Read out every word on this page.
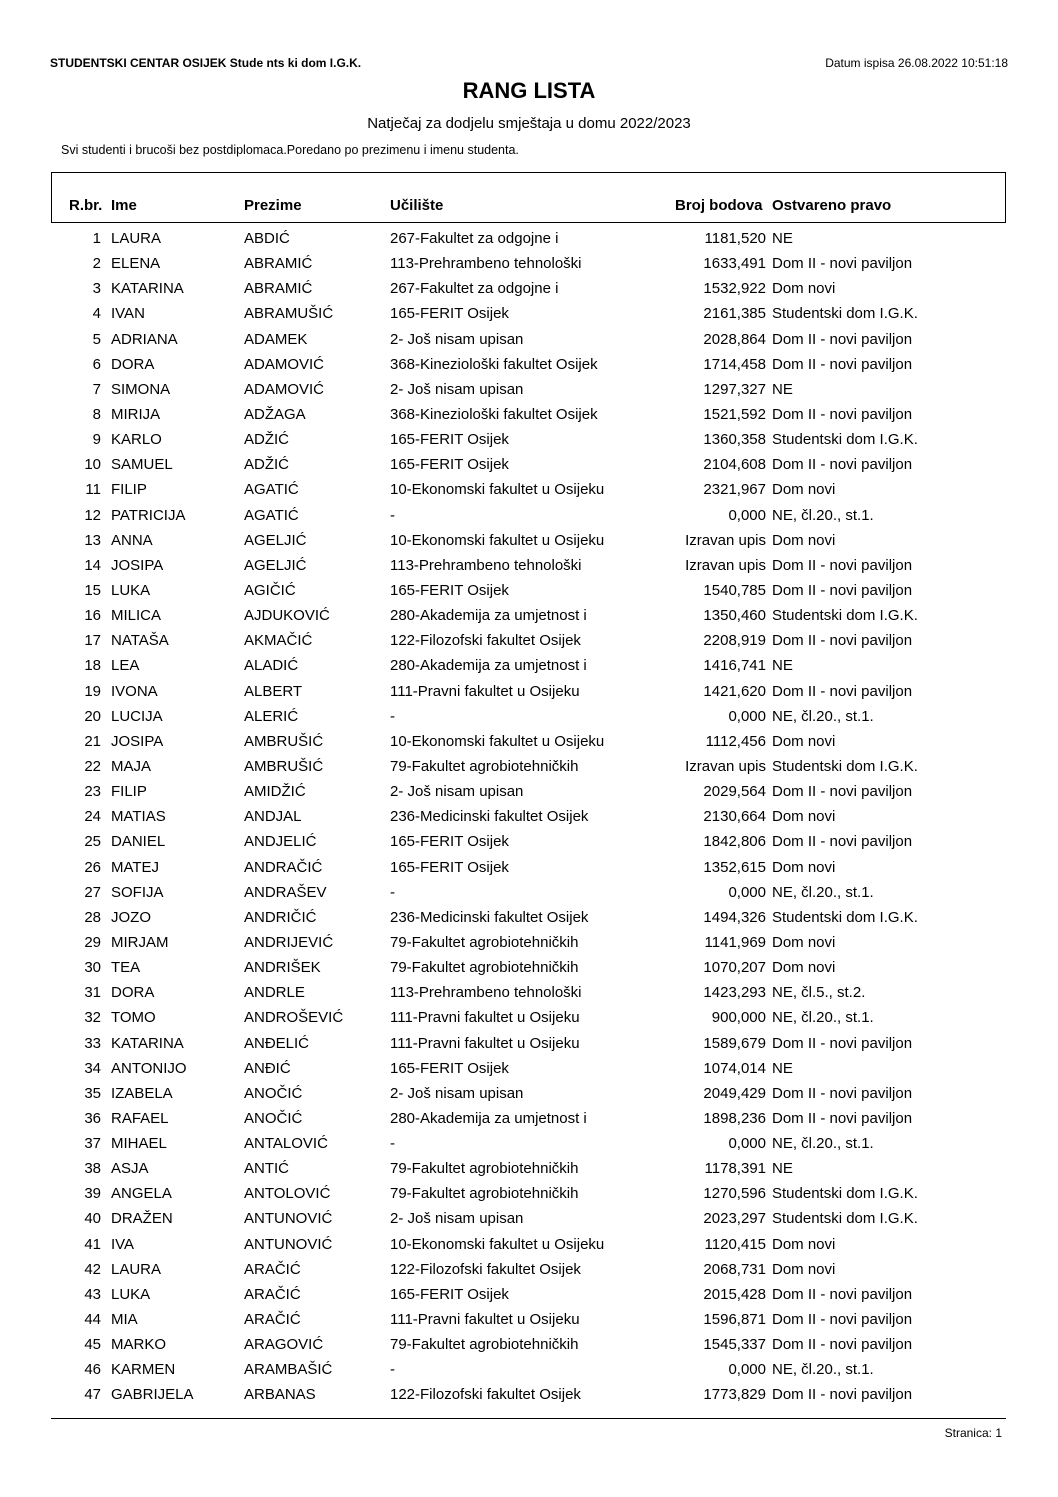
STUDENTSKI CENTAR OSIJEK Stude nts ki dom I.G.K.	Datum ispisa 26.08.2022 10:51:18
RANG LISTA
Natječaj za dodjelu smještaja u domu 2022/2023
Svi studenti i brucoši bez postdiplomaca.Poredano po prezimenu i imenu studenta.
R.br. Ime	Prezime	Učilište	Broj bodova Ostvareno pravo
1 LAURA	ABDIĆ	267-Fakultet za odgojne i	1181,520 NE
2 ELENA	ABRAMIĆ	113-Prehrambeno tehnološki	1633,491 Dom II - novi paviljon
3 KATARINA	ABRAMIĆ	267-Fakultet za odgojne i	1532,922 Dom novi
4 IVAN	ABRAMUŠIĆ	165-FERIT Osijek	2161,385 Studentski dom I.G.K.
5 ADRIANA	ADAMEK	2- Još nisam upisan	2028,864 Dom II - novi paviljon
6 DORA	ADAMOVIĆ	368-Kineziološki fakultet Osijek	1714,458 Dom II - novi paviljon
7 SIMONA	ADAMOVIĆ	2- Još nisam upisan	1297,327 NE
8 MIRIJA	ADŽAGA	368-Kineziološki fakultet Osijek	1521,592 Dom II - novi paviljon
9 KARLO	ADŽIĆ	165-FERIT Osijek	1360,358 Studentski dom I.G.K.
10 SAMUEL	ADŽIĆ	165-FERIT Osijek	2104,608 Dom II - novi paviljon
11 FILIP	AGATIĆ	10-Ekonomski fakultet u Osijeku	2321,967 Dom novi
12 PATRICIJA	AGATIĆ	-	0,000 NE, čl.20., st.1.
13 ANNA	AGELJIĆ	10-Ekonomski fakultet u Osijeku	Izravan upis Dom novi
14 JOSIPA	AGELJIĆ	113-Prehrambeno tehnološki	Izravan upis Dom II - novi paviljon
15 LUKA	AGIČIĆ	165-FERIT Osijek	1540,785 Dom II - novi paviljon
16 MILICA	AJDUKOVIĆ	280-Akademija za umjetnost i	1350,460 Studentski dom I.G.K.
17 NATAŠA	AKMAČIĆ	122-Filozofski fakultet Osijek	2208,919 Dom II - novi paviljon
18 LEA	ALADIĆ	280-Akademija za umjetnost i	1416,741 NE
19 IVONA	ALBERT	111-Pravni fakultet u Osijeku	1421,620 Dom II - novi paviljon
20 LUCIJA	ALERIĆ	-	0,000 NE, čl.20., st.1.
21 JOSIPA	AMBRUŠIĆ	10-Ekonomski fakultet u Osijeku	1112,456 Dom novi
22 MAJA	AMBRUŠIĆ	79-Fakultet agrobiotehničkih	Izravan upis Studentski dom I.G.K.
23 FILIP	AMIDŽIĆ	2- Još nisam upisan	2029,564 Dom II - novi paviljon
24 MATIAS	ANDJAL	236-Medicinski fakultet Osijek	2130,664 Dom novi
25 DANIEL	ANDJELIĆ	165-FERIT Osijek	1842,806 Dom II - novi paviljon
26 MATEJ	ANDRAČIĆ	165-FERIT Osijek	1352,615 Dom novi
27 SOFIJA	ANDRAŠEV	-	0,000 NE, čl.20., st.1.
28 JOZO	ANDRIČIĆ	236-Medicinski fakultet Osijek	1494,326 Studentski dom I.G.K.
29 MIRJAM	ANDRIJEVIĆ	79-Fakultet agrobiotehničkih	1141,969 Dom novi
30 TEA	ANDRIŠEK	79-Fakultet agrobiotehničkih	1070,207 Dom novi
31 DORA	ANDRLE	113-Prehrambeno tehnološki	1423,293 NE, čl.5., st.2.
32 TOMO	ANDROŠEVIĆ	111-Pravni fakultet u Osijeku	900,000 NE, čl.20., st.1.
33 KATARINA	ANĐELIĆ	111-Pravni fakultet u Osijeku	1589,679 Dom II - novi paviljon
34 ANTONIJO	ANĐIĆ	165-FERIT Osijek	1074,014 NE
35 IZABELA	ANOČIĆ	2- Još nisam upisan	2049,429 Dom II - novi paviljon
36 RAFAEL	ANOČIĆ	280-Akademija za umjetnost i	1898,236 Dom II - novi paviljon
37 MIHAEL	ANTALOVIĆ	-	0,000 NE, čl.20., st.1.
38 ASJA	ANTIĆ	79-Fakultet agrobiotehničkih	1178,391 NE
39 ANGELA	ANTOLOVIĆ	79-Fakultet agrobiotehničkih	1270,596 Studentski dom I.G.K.
40 DRAŽEN	ANTUNOVIĆ	2- Još nisam upisan	2023,297 Studentski dom I.G.K.
41 IVA	ANTUNOVIĆ	10-Ekonomski fakultet u Osijeku	1120,415 Dom novi
42 LAURA	ARAČIĆ	122-Filozofski fakultet Osijek	2068,731 Dom novi
43 LUKA	ARAČIĆ	165-FERIT Osijek	2015,428 Dom II - novi paviljon
44 MIA	ARAČIĆ	111-Pravni fakultet u Osijeku	1596,871 Dom II - novi paviljon
45 MARKO	ARAGOVIĆ	79-Fakultet agrobiotehničkih	1545,337 Dom II - novi paviljon
46 KARMEN	ARAMBAŠIĆ	-	0,000 NE, čl.20., st.1.
47 GABRIJELA	ARBANAS	122-Filozofski fakultet Osijek	1773,829 Dom II - novi paviljon
Stranica: 1
